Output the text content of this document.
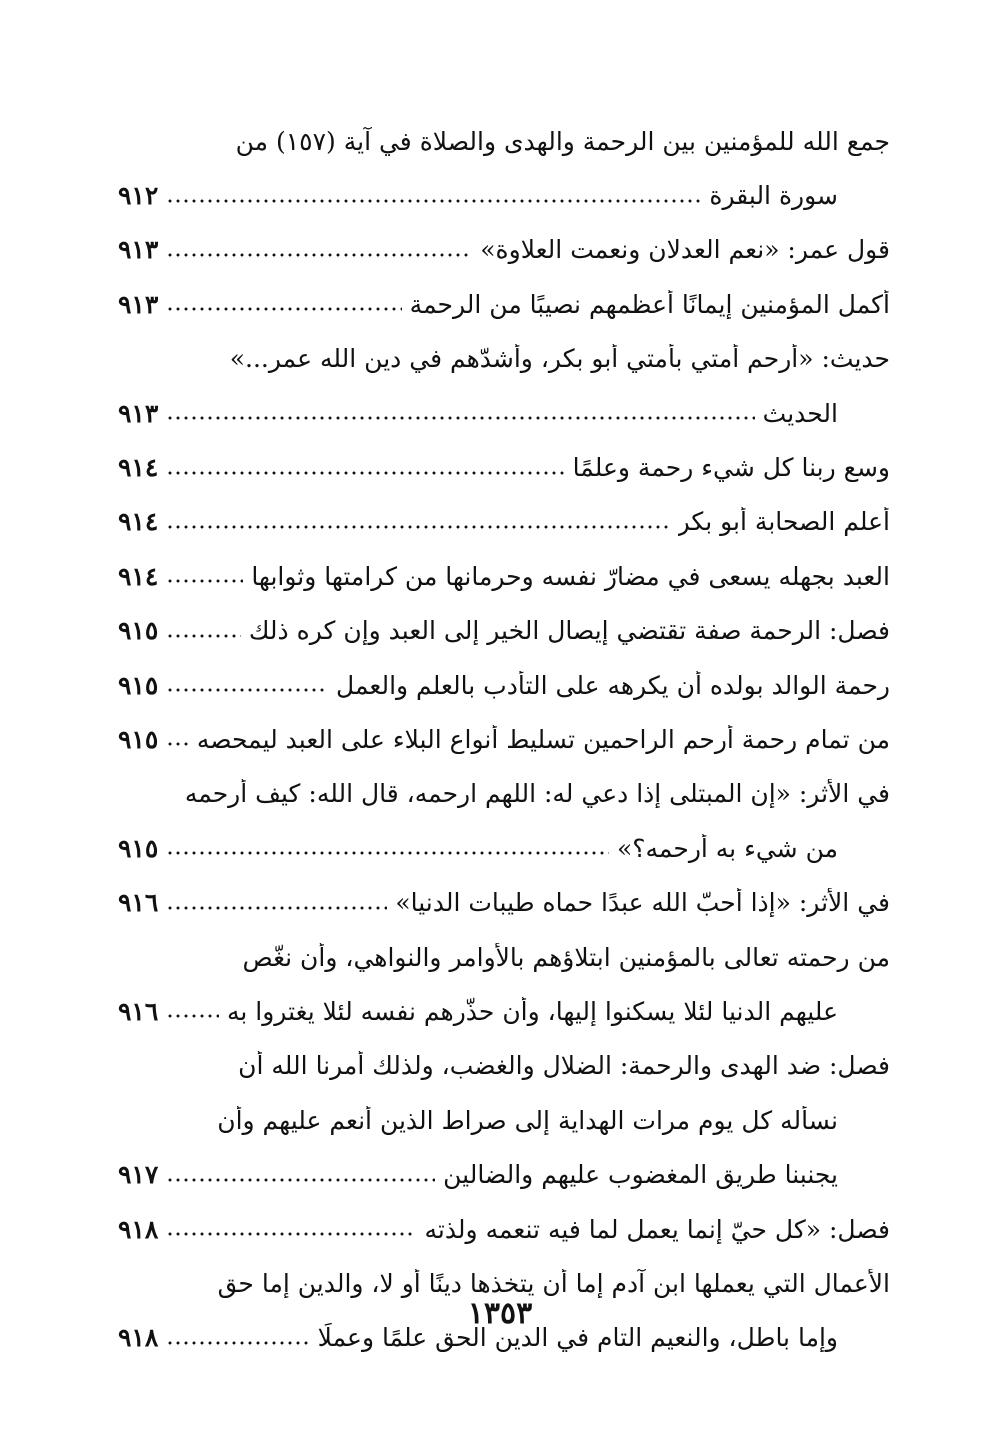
جمع الله للمؤمنين بين الرحمة والهدى والصلاة في آية (١٥٧) من
سورة البقرة
٩١٢
قول عمر: «نعم العدلان ونعمت العلاوة»
٩١٣
أكمل المؤمنين إيمانًا أعظمهم نصيبًا من الرحمة
٩١٣
حديث: «أرحم أمتي بأمتي أبو بكر، وأشدّهم في دين الله عمر...»
الحديث
٩١٣
وسع ربنا كل شيء رحمة وعلمًا
٩١٤
أعلم الصحابة أبو بكر
٩١٤
العبد بجهله يسعى في مضارّ نفسه وحرمانها من كرامتها وثوابها
٩١٤
فصل: الرحمة صفة تقتضي إيصال الخير إلى العبد وإن كره ذلك
٩١٥
رحمة الوالد بولده أن يكرهه على التأدب بالعلم والعمل
٩١٥
من تمام رحمة أرحم الراحمين تسليط أنواع البلاء على العبد ليمحصه
٩١٥
في الأثر: «إن المبتلى إذا دعي له: اللهم ارحمه، قال الله: كيف أرحمه
من شيء به أرحمه؟»
٩١٥
في الأثر: «إذا أحبّ الله عبدًا حماه طيبات الدنيا»
٩١٦
من رحمته تعالى بالمؤمنين ابتلاؤهم بالأوامر والنواهي، وأن نغّص
عليهم الدنيا لئلا يسكنوا إليها، وأن حذّرهم نفسه لئلا يغتروا به
٩١٦
فصل: ضد الهدى والرحمة: الضلال والغضب، ولذلك أمرنا الله أن
نسأله كل يوم مرات الهداية إلى صراط الذين أنعم عليهم وأن
يجنبنا طريق المغضوب عليهم والضالين
٩١٧
فصل: «كل حيّ إنما يعمل لما فيه تنعمه ولذته
٩١٨
الأعمال التي يعملها ابن آدم إما أن يتخذها دينًا أو لا، والدين إما حق
وإما باطل، والنعيم التام في الدين الحق علمًا وعملًا
٩١٨
١٣٥٣
